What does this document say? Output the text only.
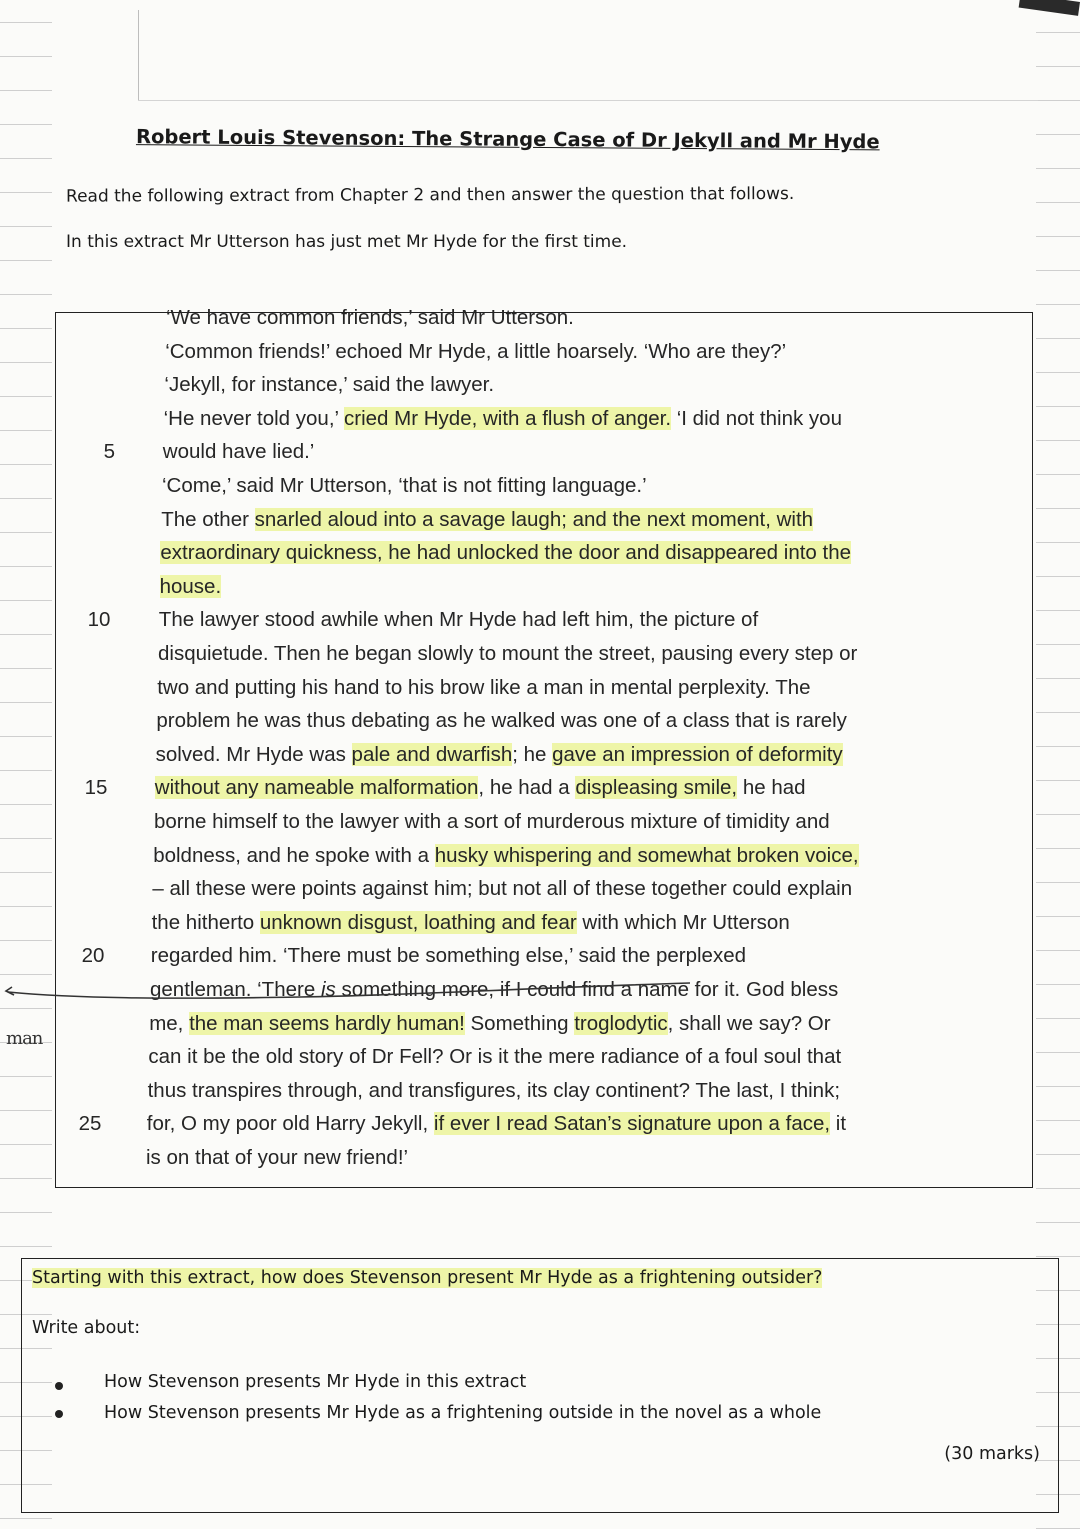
Robert Louis Stevenson: The Strange Case of Dr Jekyll and Mr Hyde
Read the following extract from Chapter 2 and then answer the question that follows.
In this extract Mr Utterson has just met Mr Hyde for the first time.
‘We have common friends,’ said Mr Utterson.
‘Common friends!’ echoed Mr Hyde, a little hoarsely. ‘Who are they?’
‘Jekyll, for instance,’ said the lawyer.
‘He never told you,’ cried Mr Hyde, with a flush of anger. ‘I did not think you
would have lied.’
‘Come,’ said Mr Utterson, ‘that is not fitting language.’
The other snarled aloud into a savage laugh; and the next moment, with
extraordinary quickness, he had unlocked the door and disappeared into the
house.
The lawyer stood awhile when Mr Hyde had left him, the picture of
disquietude. Then he began slowly to mount the street, pausing every step or
two and putting his hand to his brow like a man in mental perplexity. The
problem he was thus debating as he walked was one of a class that is rarely
solved. Mr Hyde was pale and dwarfish; he gave an impression of deformity
without any nameable malformation, he had a displeasing smile, he had
borne himself to the lawyer with a sort of murderous mixture of timidity and
boldness, and he spoke with a husky whispering and somewhat broken voice,
– all these were points against him; but not all of these together could explain
the hitherto unknown disgust, loathing and fear with which Mr Utterson
regarded him. ‘There must be something else,’ said the perplexed
gentleman. ‘There is something more, if I could find a name for it. God bless
me, the man seems hardly human! Something troglodytic, shall we say? Or
can it be the old story of Dr Fell? Or is it the mere radiance of a foul soul that
thus transpires through, and transfigures, its clay continent? The last, I think;
for, O my poor old Harry Jekyll, if ever I read Satan’s signature upon a face, it
is on that of your new friend!’
5
10
15
20
25
man
Starting with this extract, how does Stevenson present Mr Hyde as a frightening outsider?
Write about:
How Stevenson presents Mr Hyde in this extract
How Stevenson presents Mr Hyde as a frightening outside in the novel as a whole
(30 marks)
